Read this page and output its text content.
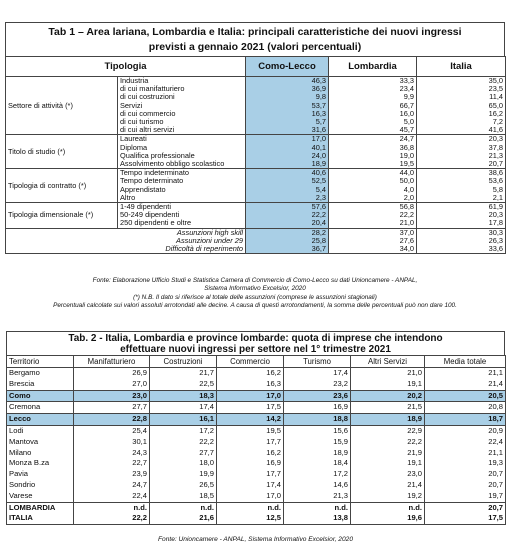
Tab 1 – Area lariana, Lombardia e Italia: principali caratteristiche dei nuovi ingressi
previsti a gennaio 2021 (valori percentuali)
Tipologia		Como-Lecco	Lombardia	Italia
Settore di attività (*)	Industria	46,3	33,3	35,0
	di cui manifatturiero	36,9	23,4	23,5
	di cui costruzioni	9,8	9,9	11,4
	Servizi	53,7	66,7	65,0
	di cui commercio	16,3	16,0	16,2
	di cui turismo	5,7	5,0	7,2
	di cui altri servizi	31,6	45,7	41,6
Titolo di studio (*)	Laureati	17,0	24,7	20,3
	Diploma	40,1	36,8	37,8
	Qualifica professionale	24,0	19,0	21,3
	Assolvimento obbligo scolastico	18,9	19,5	20,7
Tipologia di contratto (*)	Tempo indeterminato	40,6	44,0	38,6
	Tempo determinato	52,5	50,0	53,6
	Apprendistato	5,4	4,0	5,8
	Altro	2,3	2,0	2,1
Tipologia dimensionale (*)	1-49 dipendenti	57,6	56,8	61,9
	50-249 dipendenti	22,2	22,2	20,3
	250 dipendenti e oltre	20,4	21,0	17,8
Assunzioni high skill		28,2	37,0	30,3
Assunzioni under 29		25,8	27,6	26,3
Difficoltà di reperimento		36,7	34,0	33,6
Fonte: Elaborazione Ufficio Studi e Statistica Camera di Commercio di Como-Lecco su dati Unioncamere - ANPAL,
Sistema Informativo Excelsior, 2020
(*) N.B. Il dato si riferisce al totale delle assunzioni (comprese le assunzioni stagionali)
Percentuali calcolate sui valori assoluti arrotondati alle decine. A causa di questi arrotondamenti, la somma delle percentuali può non dare 100.
Tab. 2 - Italia, Lombardia e province lombarde: quota di imprese che intendono
effettuare nuovi ingressi per settore nel 1° trimestre 2021
Territorio	Manifatturiero	Costruzioni	Commercio	Turismo	Altri Servizi	Media totale
Bergamo	26,9	21,7	16,2	17,4	21,0	21,1
Brescia	27,0	22,5	16,3	23,2	19,1	21,4
Como	23,0	18,3	17,0	23,6	20,2	20,5
Cremona	27,7	17,4	17,5	16,9	21,5	20,8
Lecco	22,8	16,1	14,2	18,8	18,9	18,7
Lodi	25,4	17,2	19,5	15,6	22,9	20,9
Mantova	30,1	22,2	17,7	15,9	22,2	22,4
Milano	24,3	27,7	16,2	18,9	21,9	21,1
Monza B.za	22,7	18,0	16,9	18,4	19,1	19,3
Pavia	23,9	19,9	17,7	17,2	23,0	20,7
Sondrio	24,7	26,5	17,4	14,6	21,4	20,7
Varese	22,4	18,5	17,0	21,3	19,2	19,7
LOMBARDIA	n.d.	n.d.	n.d.	n.d.	n.d.	20,7
ITALIA	22,2	21,6	12,5	13,8	19,6	17,5
Fonte: Unioncamere - ANPAL, Sistema Informativo Excelsior, 2020
